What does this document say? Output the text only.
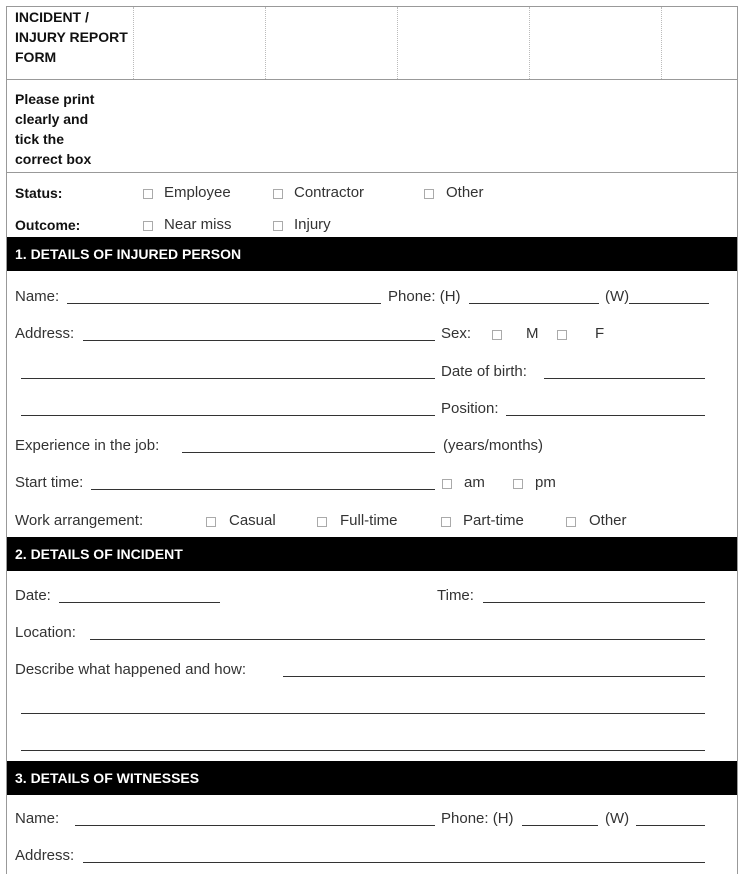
INCIDENT /
INJURY REPORT
FORM
Please print
clearly and
tick the
correct box
Status:	Employee	Contractor	Other
Outcome:	Near miss	Injury
1. DETAILS OF INJURED PERSON
Name:	Phone: (H)	(W)
Address:	Sex:	M	F
Date of birth:
Position:
Experience in the job:	(years/months)
Start time:	am	pm
Work arrangement:	Casual	Full-time	Part-time	Other
2. DETAILS OF INCIDENT
Date:	Time:
Location:
Describe what happened and how:
3. DETAILS OF WITNESSES
Name:	Phone: (H)	(W)
Address:
